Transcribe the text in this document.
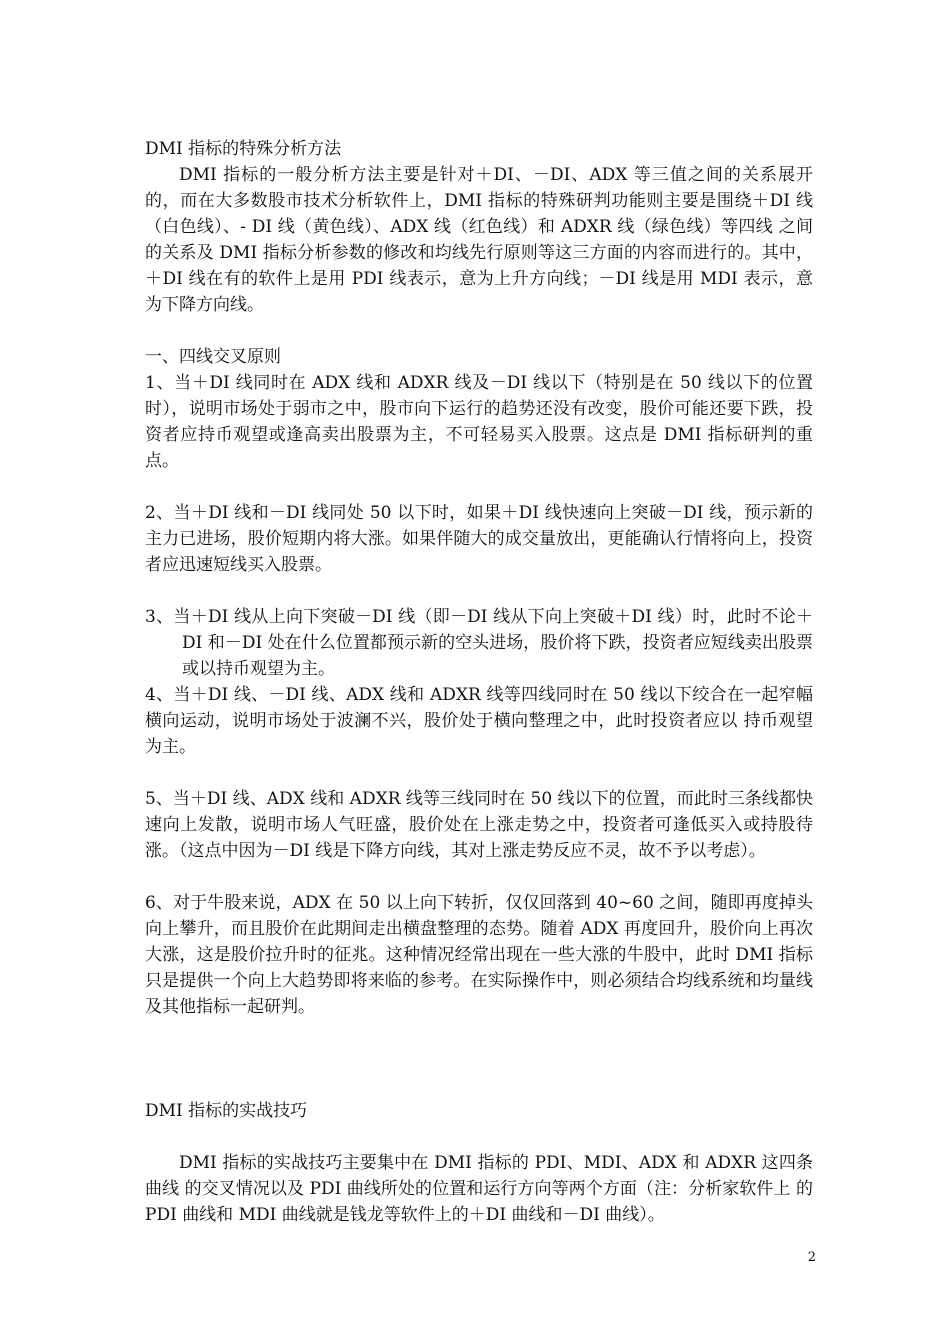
DMI 指标的特殊分析方法

DMI 指标的一般分析方法主要是针对＋DI、－DI、ADX 等三值之间的关系展开的，而在大多数股市技术分析软件上，DMI 指标的特殊研判功能则主要是围绕＋DI 线 （白色线）、- DI 线（黄色线）、ADX 线（红色线）和 ADXR 线（绿色线）等四线 之间的关系及 DMI 指标分析参数的修改和均线先行原则等这三方面的内容而进行的。其中，＋DI 线在有的软件上是用 PDI 线表示，意为上升方向线；－DI 线是用 MDI 表示，意为下降方向线。

一、四线交叉原则

1、当＋DI 线同时在 ADX 线和 ADXR 线及－DI 线以下（特别是在 50 线以下的位置时），说明市场处于弱市之中，股市向下运行的趋势还没有改变，股价可能还要下跌，投资者应持币观望或逢高卖出股票为主，不可轻易买入股票。这点是 DMI 指标研判的重点。

2、当＋DI 线和－DI 线同处 50 以下时，如果＋DI 线快速向上突破－DI 线，预示新的主力已进场，股价短期内将大涨。如果伴随大的成交量放出，更能确认行情将向上，投资者应迅速短线买入股票。

3、当＋DI 线从上向下突破－DI 线（即－DI 线从下向上突破＋DI 线）时，此时不论＋DI 和－DI 处在什么位置都预示新的空头进场，股价将下跌，投资者应短线卖出股票或以持币观望为主。

4、当＋DI 线、－DI 线、ADX 线和 ADXR 线等四线同时在 50 线以下绞合在一起窄幅横向运动，说明市场处于波澜不兴，股价处于横向整理之中，此时投资者应以 持币观望为主。

5、当＋DI 线、ADX 线和 ADXR 线等三线同时在 50 线以下的位置，而此时三条线都快速向上发散，说明市场人气旺盛，股价处在上涨走势之中，投资者可逢低买入或持股待涨。（这点中因为－DI 线是下降方向线，其对上涨走势反应不灵，故不予以考虑）。

6、对于牛股来说，ADX 在 50 以上向下转折，仅仅回落到 40~60 之间，随即再度掉头向上攀升，而且股价在此期间走出横盘整理的态势。随着 ADX 再度回升，股价向上再次大涨，这是股价拉升时的征兆。这种情况经常出现在一些大涨的牛股中，此时 DMI 指标只是提供一个向上大趋势即将来临的参考。在实际操作中，则必须结合均线系统和均量线及其他指标一起研判。

DMI 指标的实战技巧

DMI 指标的实战技巧主要集中在 DMI 指标的 PDI、MDI、ADX 和 ADXR 这四条曲线 的交叉情况以及 PDI 曲线所处的位置和运行方向等两个方面（注：分析家软件上 的 PDI 曲线和 MDI 曲线就是钱龙等软件上的＋DI 曲线和－DI 曲线）。

2
